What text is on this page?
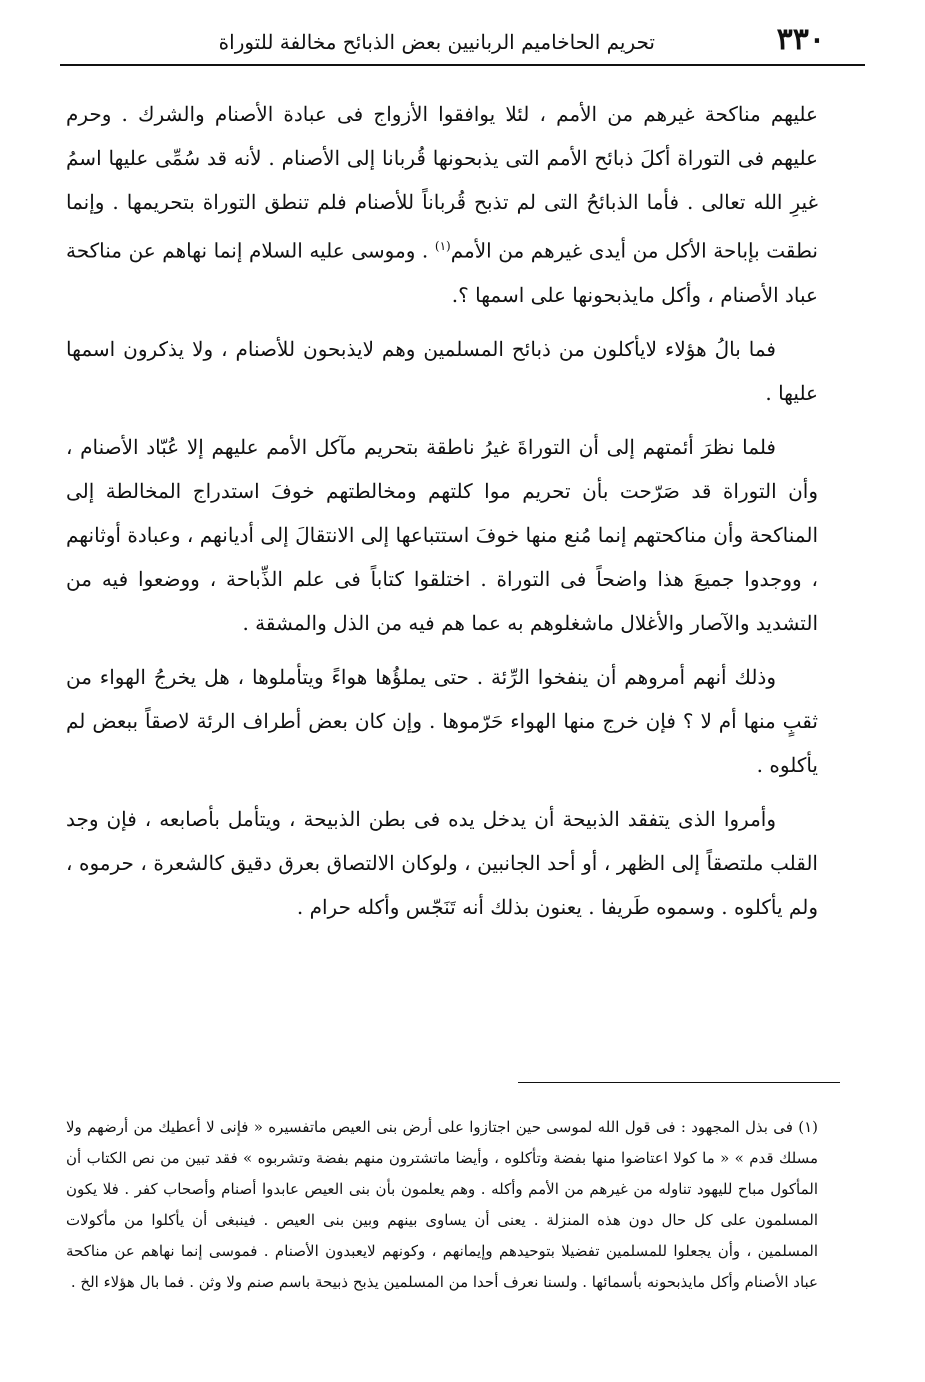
٣٣٠
تحريم الحاخاميم الربانيين بعض الذبائح مخالفة للتوراة

عليهم مناكحة غيرهم من الأمم ، لئلا يوافقوا الأزواج فى عبادة الأصنام والشرك . وحرم عليهم فى التوراة أكلَ ذبائح الأمم التى يذبحونها قُربانا إلى الأصنام . لأنه قد سُمِّى عليها اسمُ غيرِ الله تعالى . فأما الذبائحُ التى لم تذبح قُرباناً للأصنام فلم تنطق التوراة بتحريمها . وإنما نطقت بإباحة الأكل من أيدى غيرهم من الأمم$^{(١)}$ . وموسى عليه السلام إنما نهاهم عن مناكحة عباد الأصنام ، وأكل مايذبحونها على اسمها ؟.

فما بالُ هؤلاء لايأكلون من ذبائح المسلمين وهم لايذبحون للأصنام ، ولا يذكرون اسمها عليها .

فلما نظرَ أئمتهم إلى أن التوراةَ غيرُ ناطقة بتحريم مآكل الأمم عليهم إلا عُبّاد الأصنام ، وأن التوراة قد صَرّحت بأن تحريم موا كلتهم ومخالطتهم خوفَ استدراج المخالطة إلى المناكحة وأن مناكحتهم إنما مُنع منها خوفَ استتباعها إلى الانتقالَ إلى أديانهم ، وعبادة أوثانهم ، ووجدوا جميعَ هذا واضحاً فى التوراة . اختلقوا كتاباً فى علم الذِّباحة ، ووضعوا فيه من التشديد والآصار والأغلال ماشغلوهم به عما هم فيه من الذل والمشقة .

وذلك أنهم أمروهم أن ينفخوا الرِّئة . حتى يملؤُها هواءً ويتأملوها ، هل يخرجُ الهواء من ثقبٍ منها أم لا ؟ فإن خرج منها الهواء حَرّموها . وإن كان بعض أطراف الرئة لاصقاً ببعض لم يأكلوه .

وأمروا الذى يتفقد الذبيحة أن يدخل يده فى بطن الذبيحة ، ويتأمل بأصابعه ، فإن وجد القلب ملتصقاً إلى الظهر ، أو أحد الجانبين ، ولوكان الالتصاق بعرق دقيق كالشعرة ، حرموه ، ولم يأكلوه . وسموه طَريفا . يعنون بذلك أنه تَنَجّس وأكله حرام .

(١) فى بذل المجهود : فى قول الله لموسى حين اجتازوا على أرض بنى العيص ماتفسيره « فإنى لا أعطيك من أرضهم ولا مسلك قدم » « ما كولا اعتاضوا منها بفضة وتأكلوه ، وأيضا ماتشترون منهم بفضة وتشربوه » فقد تبين من نص الكتاب أن المأكول مباح لليهود تناوله من غيرهم من الأمم وأكله . وهم يعلمون بأن بنى العيص عابدوا أصنام وأصحاب كفر . فلا يكون المسلمون على كل حال دون هذه المنزلة . يعنى أن يساوى بينهم وبين بنى العيص . فينبغى أن يأكلوا من مأكولات المسلمين ، وأن يجعلوا للمسلمين تفضيلا بتوحيدهم وإيمانهم ، وكونهم لايعبدون الأصنام . فموسى إنما نهاهم عن مناكحة عباد الأصنام وأكل مايذبحونه بأسمائها . ولسنا نعرف أحدا من المسلمين يذبح ذبيحة باسم صنم ولا وثن . فما بال هؤلاء الخ .
